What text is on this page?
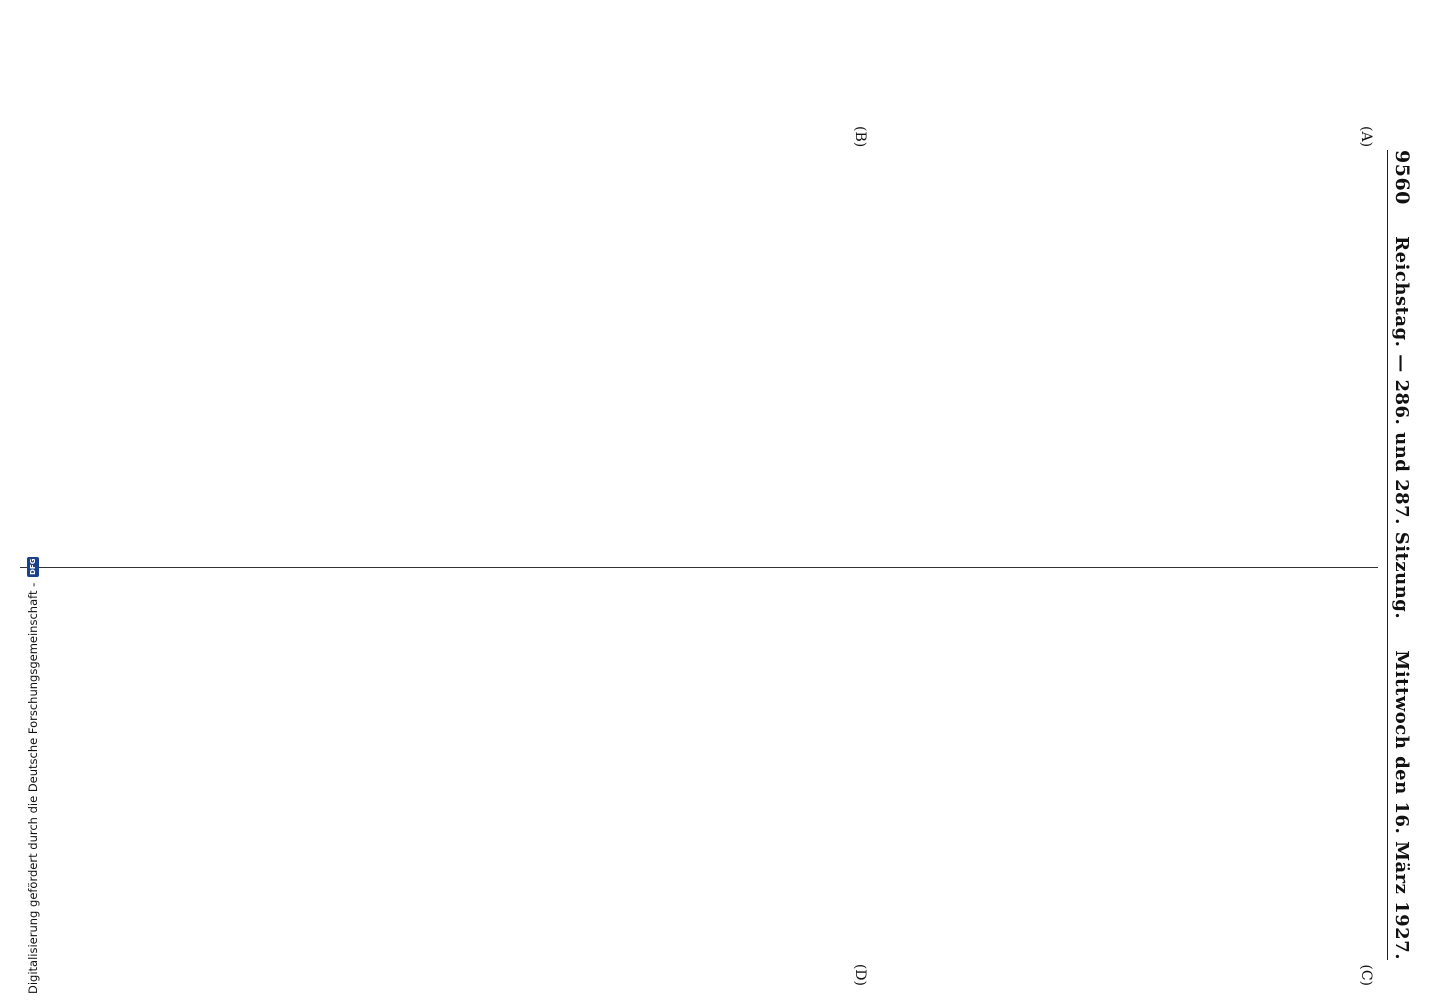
9560
Reichstag. — 286. und 287. Sitzung.
Mittwoch den 16. März 1927.
(A)
(B)
(C)
(D)
Digitalisierung gefördert durch die Deutsche Forschungsgemeinschaft -
DFG
